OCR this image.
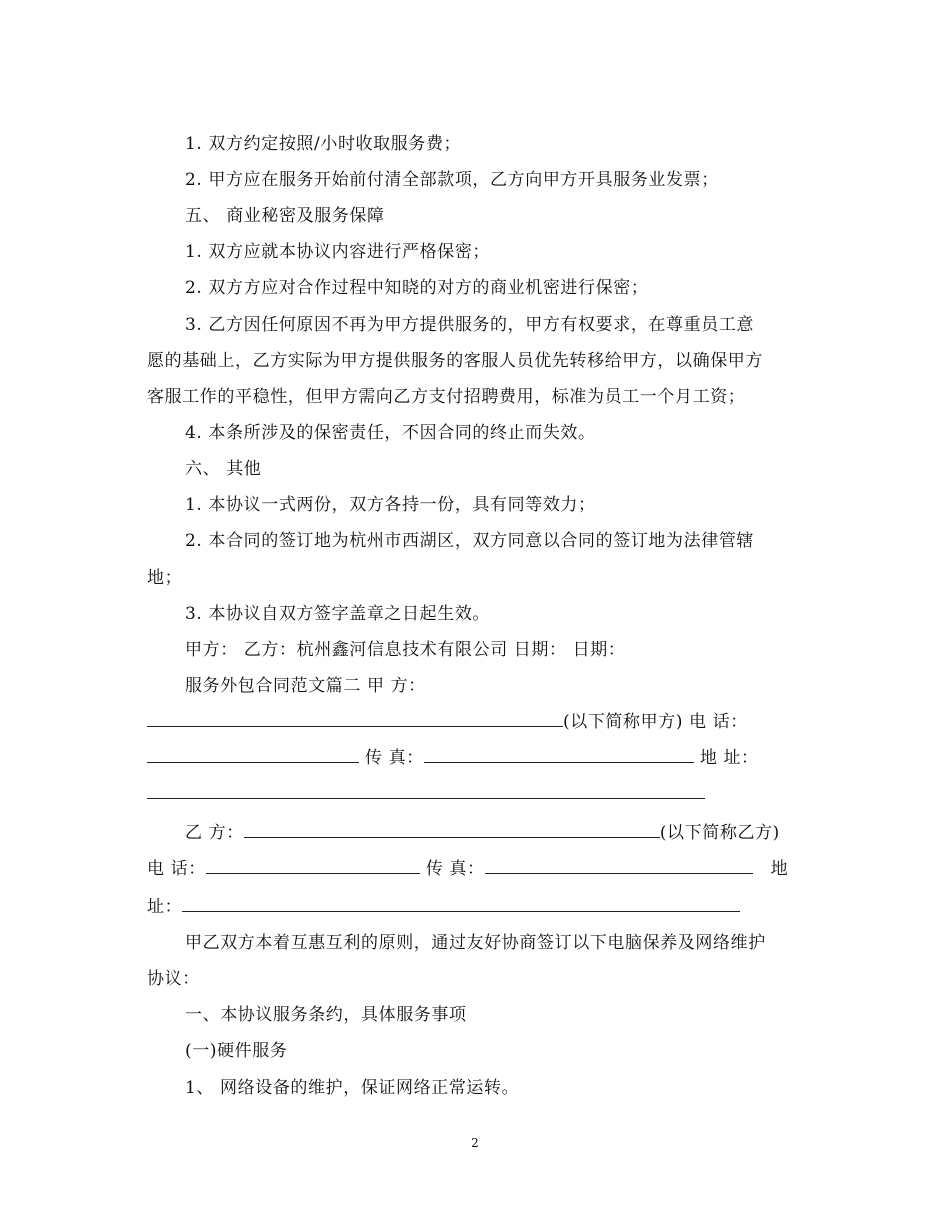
1. 双方约定按照/小时收取服务费；
2. 甲方应在服务开始前付清全部款项，乙方向甲方开具服务业发票；
五、 商业秘密及服务保障
1. 双方应就本协议内容进行严格保密；
2. 双方方应对合作过程中知晓的对方的商业机密进行保密；
3. 乙方因任何原因不再为甲方提供服务的，甲方有权要求，在尊重员工意
愿的基础上，乙方实际为甲方提供服务的客服人员优先转移给甲方，以确保甲方
客服工作的平稳性，但甲方需向乙方支付招聘费用，标准为员工一个月工资；
4. 本条所涉及的保密责任，不因合同的终止而失效。
六、 其他
1. 本协议一式两份，双方各持一份，具有同等效力；
2. 本合同的签订地为杭州市西湖区，双方同意以合同的签订地为法律管辖
地；
3. 本协议自双方签字盖章之日起生效。
甲方： 乙方：杭州鑫河信息技术有限公司 日期： 日期：
服务外包合同范文篇二 甲 方：
(以下简称甲方) 电 话：
传 真：	地 址：
乙 方：	(以下简称乙方)
电 话：	传 真：	地
址：
甲乙双方本着互惠互利的原则，通过友好协商签订以下电脑保养及网络维护
协议：
一、本协议服务条约，具体服务事项
(一)硬件服务
1、 网络设备的维护，保证网络正常运转。
2
